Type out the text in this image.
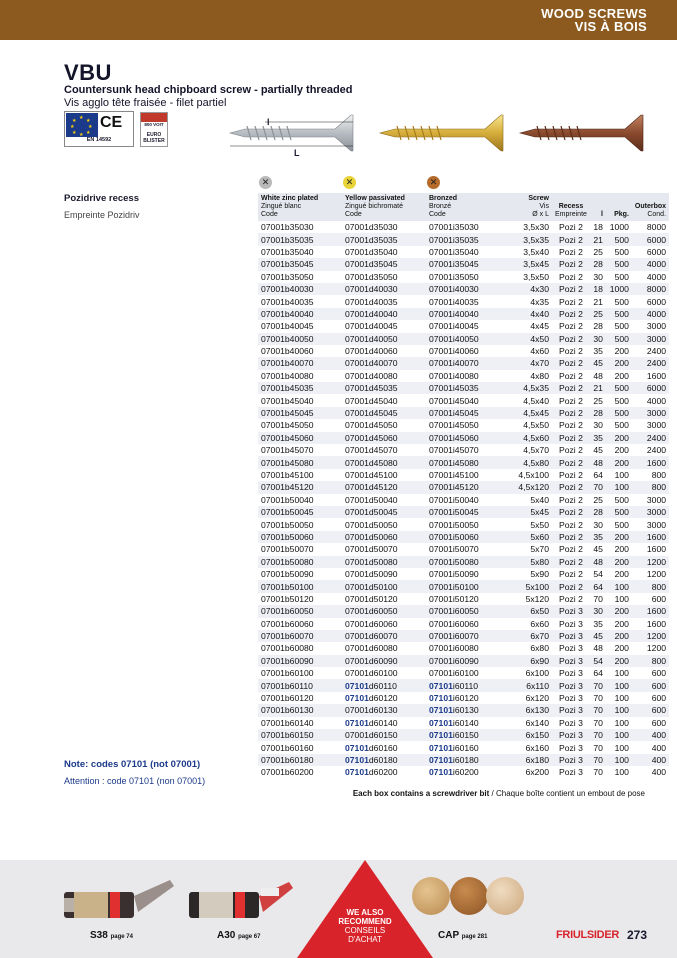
WOOD SCREWS
VIS À BOIS
VBU
Countersunk head chipboard screw - partially threaded
Vis agglo tête fraisée - filet partiel
★ ★
★
★
★
★
★
★ CE
EN 14592
800 VOIT
EURO BLISTER
l
L
Pozidrive recess
Empreinte Pozidriv
✕
✕
✕
White zinc plated
Zingué blanc
Code	Yellow passivated
Zingué bichromaté
Code	Bronzed
Bronzé
Code	Screw
Vis
Ø x L	Recess
Empreinte	l	Pkg.	Outerbox
Cond.
07001b35030	07001d35030	07001i35030	3,5x30	Pozi 2	18	1000	8000
07001b35035	07001d35035	07001i35035	3,5x35	Pozi 2	21	500	6000
07001b35040	07001d35040	07001i35040	3,5x40	Pozi 2	25	500	6000
07001b35045	07001d35045	07001i35045	3,5x45	Pozi 2	28	500	4000
07001b35050	07001d35050	07001i35050	3,5x50	Pozi 2	30	500	4000
07001b40030	07001d40030	07001i40030	4x30	Pozi 2	18	1000	8000
07001b40035	07001d40035	07001i40035	4x35	Pozi 2	21	500	6000
07001b40040	07001d40040	07001i40040	4x40	Pozi 2	25	500	4000
07001b40045	07001d40045	07001i40045	4x45	Pozi 2	28	500	3000
07001b40050	07001d40050	07001i40050	4x50	Pozi 2	30	500	3000
07001b40060	07001d40060	07001i40060	4x60	Pozi 2	35	200	2400
07001b40070	07001d40070	07001i40070	4x70	Pozi 2	45	200	2400
07001b40080	07001d40080	07001i40080	4x80	Pozi 2	48	200	1600
07001b45035	07001d45035	07001i45035	4,5x35	Pozi 2	21	500	6000
07001b45040	07001d45040	07001i45040	4,5x40	Pozi 2	25	500	4000
07001b45045	07001d45045	07001i45045	4,5x45	Pozi 2	28	500	3000
07001b45050	07001d45050	07001i45050	4,5x50	Pozi 2	30	500	3000
07001b45060	07001d45060	07001i45060	4,5x60	Pozi 2	35	200	2400
07001b45070	07001d45070	07001i45070	4,5x70	Pozi 2	45	200	2400
07001b45080	07001d45080	07001i45080	4,5x80	Pozi 2	48	200	1600
07001b45100	07001d45100	07001i45100	4,5x100	Pozi 2	64	100	800
07001b45120	07001d45120	07001i45120	4,5x120	Pozi 2	70	100	800
07001b50040	07001d50040	07001i50040	5x40	Pozi 2	25	500	3000
07001b50045	07001d50045	07001i50045	5x45	Pozi 2	28	500	3000
07001b50050	07001d50050	07001i50050	5x50	Pozi 2	30	500	3000
07001b50060	07001d50060	07001i50060	5x60	Pozi 2	35	200	1600
07001b50070	07001d50070	07001i50070	5x70	Pozi 2	45	200	1600
07001b50080	07001d50080	07001i50080	5x80	Pozi 2	48	200	1200
07001b50090	07001d50090	07001i50090	5x90	Pozi 2	54	200	1200
07001b50100	07001d50100	07001i50100	5x100	Pozi 2	64	100	800
07001b50120	07001d50120	07001i50120	5x120	Pozi 2	70	100	600
07001b60050	07001d60050	07001i60050	6x50	Pozi 3	30	200	1600
07001b60060	07001d60060	07001i60060	6x60	Pozi 3	35	200	1600
07001b60070	07001d60070	07001i60070	6x70	Pozi 3	45	200	1200
07001b60080	07001d60080	07001i60080	6x80	Pozi 3	48	200	1200
07001b60090	07001d60090	07001i60090	6x90	Pozi 3	54	200	800
07001b60100	07001d60100	07001i60100	6x100	Pozi 3	64	100	600
07001b60110	07101d60110	07101i60110	6x110	Pozi 3	70	100	600
07001b60120	07101d60120	07101i60120	6x120	Pozi 3	70	100	600
07001b60130	07001d60130	07101i60130	6x130	Pozi 3	70	100	600
07001b60140	07101d60140	07101i60140	6x140	Pozi 3	70	100	600
07001b60150	07001d60150	07101i60150	6x150	Pozi 3	70	100	400
07001b60160	07101d60160	07101i60160	6x160	Pozi 3	70	100	400
07001b60180	07101d60180	07101i60180	6x180	Pozi 3	70	100	400
07001b60200	07101d60200	07101i60200	6x200	Pozi 3	70	100	400
Each box contains a screwdriver bit / Chaque boîte contient un embout de pose
Note: codes 07101 (not 07001)
Attention : code 07101 (non 07001)
S38 page 74	A30 page 67
WE ALSO
RECOMMEND
CONSEILS
D'ACHAT	CAP page 281	FRIULSIDER 273
